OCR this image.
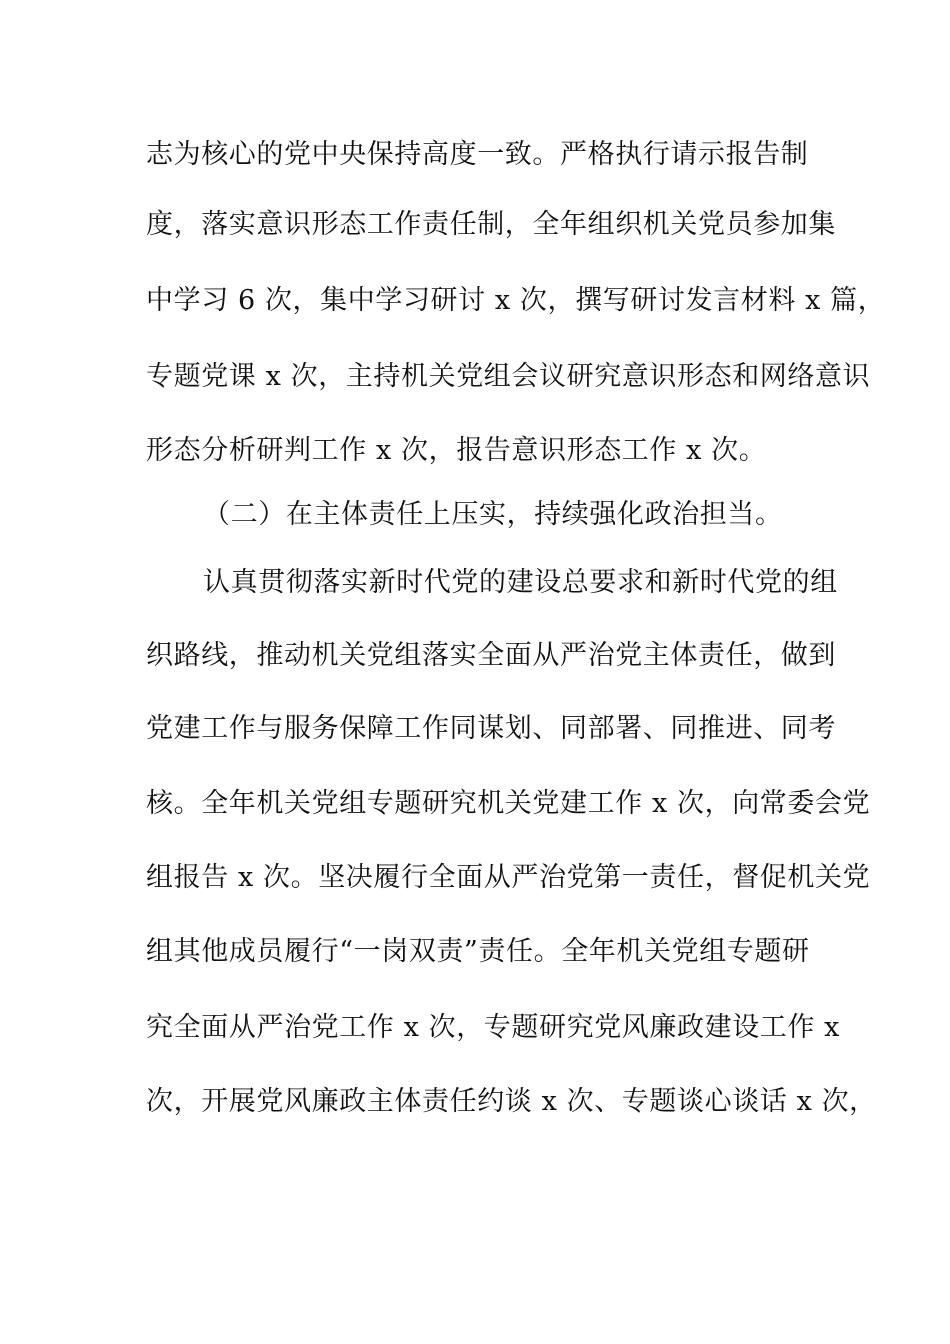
志为核心的党中央保持高度一致。严格执行请示报告制
度，落实意识形态工作责任制，全年组织机关党员参加集
中学习 6 次，集中学习研讨 x 次，撰写研讨发言材料 x 篇，
专题党课 x 次，主持机关党组会议研究意识形态和网络意识
形态分析研判工作 x 次，报告意识形态工作 x 次。
（二）在主体责任上压实，持续强化政治担当。
认真贯彻落实新时代党的建设总要求和新时代党的组
织路线，推动机关党组落实全面从严治党主体责任，做到
党建工作与服务保障工作同谋划、同部署、同推进、同考
核。全年机关党组专题研究机关党建工作 x 次，向常委会党
组报告 x 次。坚决履行全面从严治党第一责任，督促机关党
组其他成员履行“一岗双责”责任。全年机关党组专题研
究全面从严治党工作 x 次，专题研究党风廉政建设工作 x
次，开展党风廉政主体责任约谈 x 次、专题谈心谈话 x 次，
